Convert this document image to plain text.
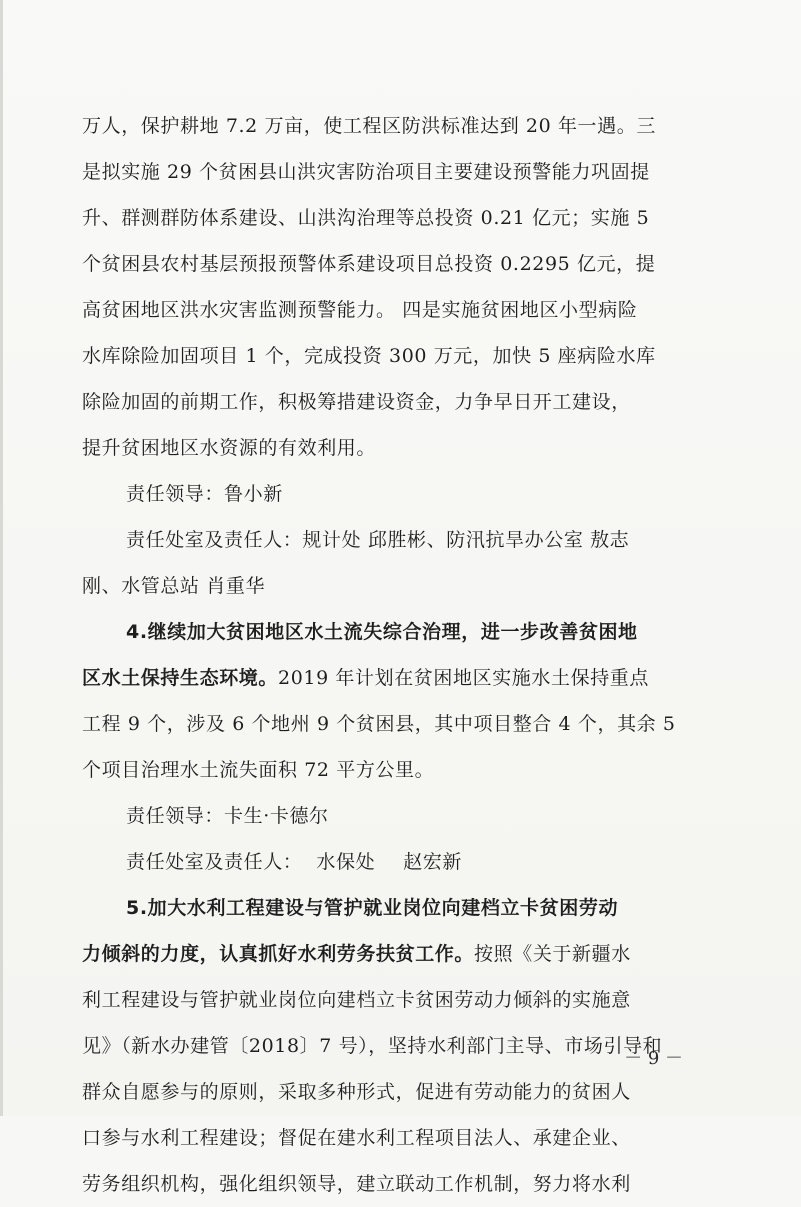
万人，保护耕地 7.2 万亩，使工程区防洪标准达到 20 年一遇。三
是拟实施 29 个贫困县山洪灾害防治项目主要建设预警能力巩固提
升、群测群防体系建设、山洪沟治理等总投资 0.21 亿元；实施 5
个贫困县农村基层预报预警体系建设项目总投资 0.2295 亿元，提
高贫困地区洪水灾害监测预警能力。 四是实施贫困地区小型病险
水库除险加固项目 1 个，完成投资 300 万元，加快 5 座病险水库
除险加固的前期工作，积极筹措建设资金，力争早日开工建设，
提升贫困地区水资源的有效利用。
责任领导：鲁小新
责任处室及责任人：规计处 邱胜彬、防汛抗旱办公室 敖志
刚、水管总站 肖重华
4.继续加大贫困地区水土流失综合治理，进一步改善贫困地
区水土保持生态环境。2019 年计划在贫困地区实施水土保持重点
工程 9 个，涉及 6 个地州 9 个贫困县，其中项目整合 4 个，其余 5
个项目治理水土流失面积 72 平方公里。
责任领导：卡生·卡德尔
责任处室及责任人： 水保处 赵宏新
5.加大水利工程建设与管护就业岗位向建档立卡贫困劳动
力倾斜的力度，认真抓好水利劳务扶贫工作。按照《关于新疆水
利工程建设与管护就业岗位向建档立卡贫困劳动力倾斜的实施意
见》（新水办建管〔2018〕7 号），坚持水利部门主导、市场引导和
群众自愿参与的原则，采取多种形式，促进有劳动能力的贫困人
口参与水利工程建设；督促在建水利工程项目法人、承建企业、
劳务组织机构，强化组织领导，建立联动工作机制，努力将水利
－ 9 －
